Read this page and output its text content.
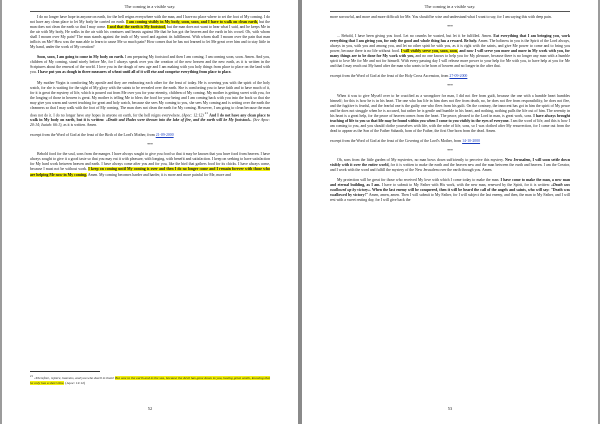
The coming in a visible way.

I do no longer have hope in anyone on earth, for the hell reigns everywhere with the man, and I have no place where to set the foot of My coming. I do not have any clean place to let My body be carried on earth. I am coming visibly in My body, soon, soon, and I have to walk on clean earth, but the man does not clean the earth so that I may come. I and that the earth is My footstool, but the man does not want to hear what I said, and he keeps Me in the air with My body, He walks in the air with his creatures and beasts against Me that he has got the heaven and the earth in his crowd. Oh, with whom shall I mourn over My pain? The man stands against the truth of My word and against its fulfillment. With whom shall I mourn over the pain that man inflicts on Me? How was the man able to learn to cause Me so much pain? How comes that he has not learned to let Me great over him and to stay little in My hand, under the work of My creation?

Soon, soon, I am going to come in My body on earth. I am preparing My footstool and then I am coming. I am coming soon, soon. Amen. And you, children of My coming, stand nicely before Me, for I always speak over you the creation of the new heaven and the new earth, as it is written in the Scriptures about the renewal of the world. I love you in the dough of new age and I am making with you holy things from place to place on the land with you. I have put you as dough in three measures of wheat until all of it will rise and comprise everything from place to place.

My mother Virgin is comforting My apostle and they are embracing each other for the feast of today. He is covering you with the spirit of the holy watch, for she is waiting for the sight of My glory with the saints to be revealed over the earth. She is comforting you to have faith and to have much of it, for it is great the mystery of life, which is poured out from Me over you for your eternity, children of My coming. My mother is getting sweet with you, for the longing of those in heaven is great. My mother is telling Me to bless the food for your being and I am coming back with you into the book so that she may give you warm and sweet teaching for great and holy watch, because she sees My coming to you, she sees My coming and is setting over the earth the cleanness so that I may walk with the foot of My coming. The man does not clean the earth for My coming. However, I am going to clean because the man does not do it. I do no longer have any hopes in anyone on earth, for the hell reigns everywhere. (Apoc: 12:12) $^{21}$ And I do not have any clean place to walk in My body on earth, but it is written: «Death and Hades were thrown into the lake of fire, and the earth will be My footstool». (See Apoc: 20:14; Isaiah: 66:1), as it is written. Amen.

excerpt from the Word of God at the feast of the Birth of the Lord's Mother, from 21-09-2000

***

Behold food for the soul, sons from the manger. I have always sought to give you food so that it may be known that you have food from heaven. I have always sought to give it a good taste so that you may eat it with pleasure, with longing, with benefit and satisfaction. I keep on seeking to have satisfaction for My hard work between heaven and earth. I have always come after you and for you, like the bird that gathers food for its chicks. I have always come, because I must not be without work. I keep on coming until My coming is over and then I do no longer come and I remain forever with those who are helping Me now in My coming. Amen. My coming becomes harder and harder, it is more and more painful for Me, more and

$^{21}$ «Therefore, rejoice, heavens, and you who dwell in them! But woe to the earth and to the sea, because the devil has gone down to you, having great wrath, knowing that he only has a short time. (Apoc: 12:12)
52
The coming in a visible way.

more sorrowful, and more and more difficult for Me. You should be wise and understand what I want to say, for I am saying this with deep pain.

***

... Behold, I have been giving you food. Let no crumbs be wasted, but let it be fulfilled. Amen. Eat everything that I am bringing you, work everything that I am giving you, for only the good and whole thing has a reward. Be holy. Amen. The holiness in you is the Spirit of the Lord always, always in you, with you and among you, and let no other spirit be with you, as it is right with the saints, and give Me power to come and to bring you power, because there is no life without food. I will visibly serve you, soon, soon, and now I will serve you more and more in My work with you, for many things are to be done for My work with you, and no one knows to help you for My pleasure, because there is no longer any man with a humble spirit to love Me for Me and not for himself. With every passing day I will release more power to your help for Me with you, to have help at you for Me and that I may reach out My hand after the man who wants to be born of heaven and no longer in the after that.

excerpt from the Word of God at the feast of the Holy Cross Ascension, from 27-09-2000

***

When it was to give Myself over to be crucified as a wrongdoer for man, I did not flee from guilt, because the one with a humble heart humbles himself; for this is how he is in his heart. The one who has life in him does not flee from death, no, he does not flee from responsibility, he does not flee, and the fugitive is fearful, and the fearful one is the guilty one who flees from his guilt. On the contrary, the innocent has got in him the spirit of My peace and he does not struggle when he is accused, but rather he is gentle and humble in his heart, and nothing, nothing pulls the life out of him. The serenity in his heart is a great help, for the peace of heaven comes from the heart. The peace, pleased to the Lord in man, is great work, sons. I have always brought teaching of life to you so that life may be found within you when I come to you visibly in the eyes of everyone. I am the word of life, and this is how I am coming to you, and you should clothe yourselves with life, with the robe of life, sons, so I was clothed after My resurrection, for I came out from the dead to appear as the Son of the Father Sabaoth, born of the Father, the first One born from the dead. Amen.

excerpt from the Word of God at the feast of the Covering of the Lord's Mother, from 14-10-2000

***

Oh, sons from the little garden of My mysteries, no man bows down sufficiently to perceive this mystery. New Jerusalem, I will soon settle down visibly with it over the entire world, for it is written to make the earth and the heaven new and the man between the earth and heaven. I am the Creator, and I work with the word and fulfill the mystery of the New Jerusalem over the earth through you. Amen.

My protection will be great for those who received My love with which I come today to make the man. I have come to make the man, a new man and eternal building, as I am. I have to submit to My Father with His work, with the new man, renewed by the Spirit, for it is written: «Death was swallowed up by victory». When the last enemy will be conquered, then it will be heard the call of the angels and saints, who will say: "Death was swallowed by victory!" Amen, amen, amen. Then I will submit to My Father, for I will subject the last enemy, and then, the man to My Father, and I will rest with a sweet resting day, for I will give back the

53
